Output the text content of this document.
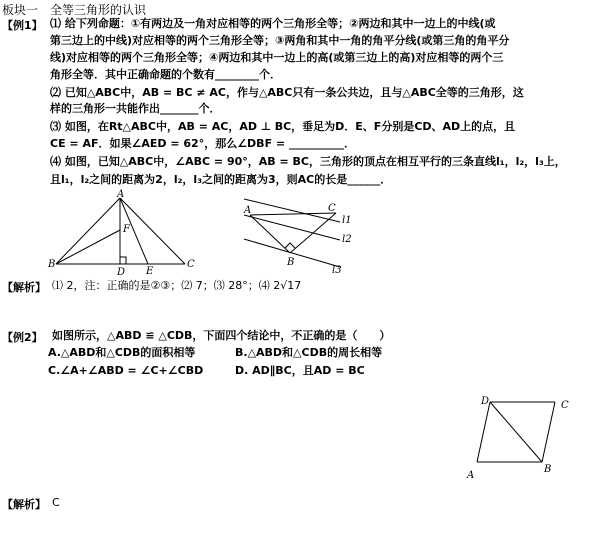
板块一　全等三角形的认识
【例1】 ⑴ 给下列命题：①有两边及一角对应相等的两个三角形全等；②两边和其中一边上的中线(或
第三边上的中线)对应相等的两个三角形全等；③两角和其中一角的角平分线(或第三角的角平分
线)对应相等的两个三角形全等；④两边和其中一边上的高(或第三边上的高)对应相等的两个三
角形全等．其中正确命题的个数有________个．
⑵ 已知△ABC中，AB = BC ≠ AC，作与△ABC只有一条公共边，且与△ABC全等的三角形，这
样的三角形一共能作出_______个．
⑶ 如图，在Rt△ABC中，AB = AC，AD ⊥ BC，垂足为D．E、F分别是CD、AD上的点，且
CE = AF．如果∠AED = 62°，那么∠DBF = __________．
⑷ 如图，已知△ABC中，∠ABC = 90°，AB = BC，三角形的顶点在相互平行的三条直线l₁，l₂，l₃上，
且l₁，l₂之间的距离为2，l₂，l₃之间的距离为3，则AC的长是______．
A
B	C
D E
F
A
B
C
l1
l2
l3
【解析】 ⑴ 2，注：正确的是②③；⑵ 7；⑶ 28°；⑷ 2√17
【例2】 如图所示，△ABD ≌ △CDB，下面四个结论中，不正确的是（　　）
A.△ABD和△CDB的面积相等	B.△ABD和△CDB的周长相等
C.∠A+∠ABD = ∠C+∠CBD	D. AD∥BC，且AD = BC
D	C
A
B
【解析】 C
